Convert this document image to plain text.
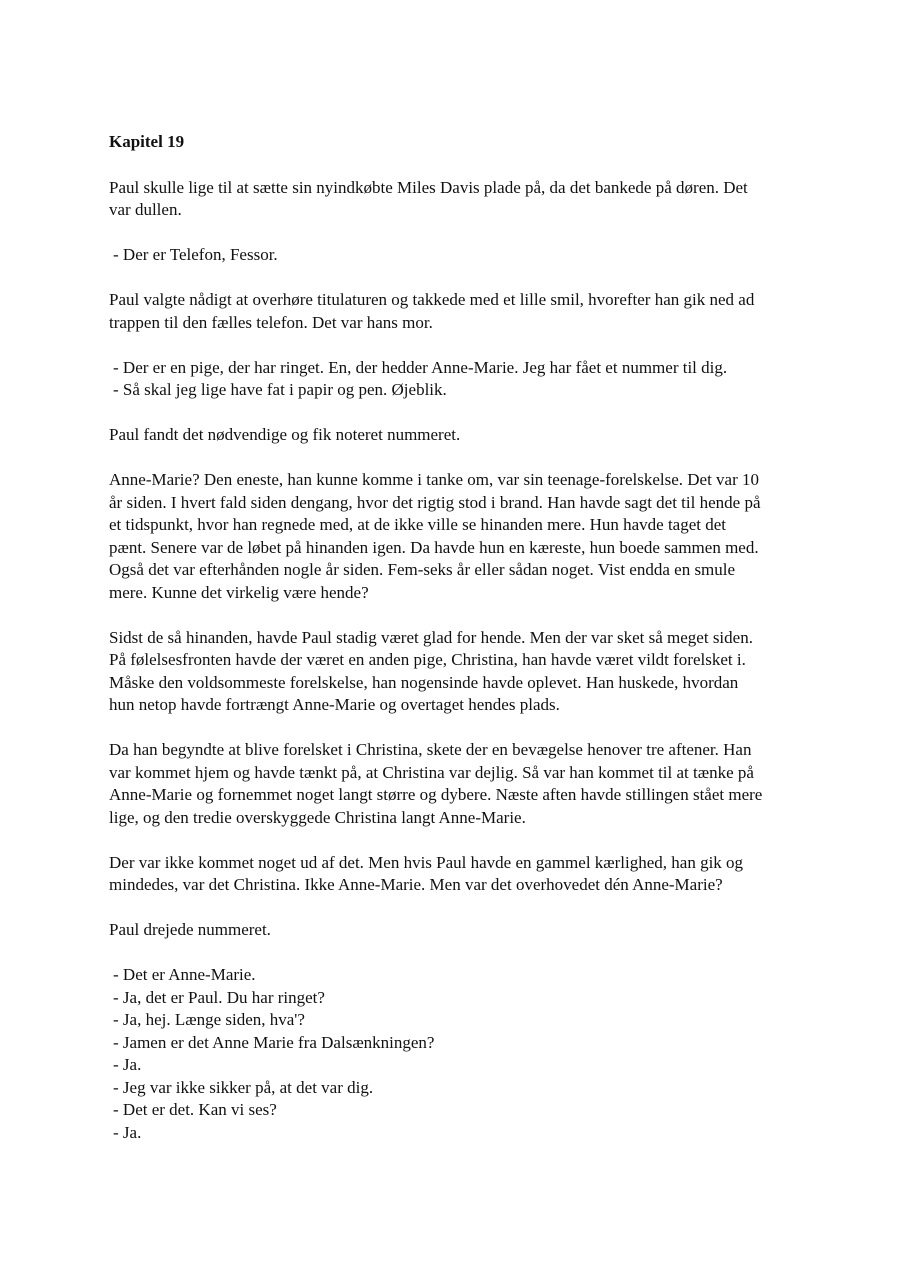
Kapitel 19

Paul skulle lige til at sætte sin nyindkøbte Miles Davis plade på, da det bankede på døren. Det
var dullen.

- Der er Telefon, Fessor.

Paul valgte nådigt at overhøre titulaturen og takkede med et lille smil, hvorefter han gik ned ad
trappen til den fælles telefon. Det var hans mor.

- Der er en pige, der har ringet. En, der hedder Anne-Marie. Jeg har fået et nummer til dig.
- Så skal jeg lige have fat i papir og pen. Øjeblik.

Paul fandt det nødvendige og fik noteret nummeret.

Anne-Marie? Den eneste, han kunne komme i tanke om, var sin teenage-forelskelse. Det var 10
år siden. I hvert fald siden dengang, hvor det rigtig stod i brand. Han havde sagt det til hende på
et tidspunkt, hvor han regnede med, at de ikke ville se hinanden mere. Hun havde taget det
pænt. Senere var de løbet på hinanden igen. Da havde hun en kæreste, hun boede sammen med.
Også det var efterhånden nogle år siden. Fem-seks år eller sådan noget. Vist endda en smule
mere. Kunne det virkelig være hende?

Sidst de så hinanden, havde Paul stadig været glad for hende. Men der var sket så meget siden.
På følelsesfronten havde der været en anden pige, Christina, han havde været vildt forelsket i.
Måske den voldsommeste forelskelse, han nogensinde havde oplevet. Han huskede, hvordan
hun netop havde fortrængt Anne-Marie og overtaget hendes plads.

Da han begyndte at blive forelsket i Christina, skete der en bevægelse henover tre aftener. Han
var kommet hjem og havde tænkt på, at Christina var dejlig. Så var han kommet til at tænke på
Anne-Marie og fornemmet noget langt større og dybere. Næste aften havde stillingen stået mere
lige, og den tredie overskyggede Christina langt Anne-Marie.

Der var ikke kommet noget ud af det. Men hvis Paul havde en gammel kærlighed, han gik og
mindedes, var det Christina. Ikke Anne-Marie. Men var det overhovedet dén Anne-Marie?

Paul drejede nummeret.

- Det er Anne-Marie.
- Ja, det er Paul. Du har ringet?
- Ja, hej. Længe siden, hva'?
- Jamen er det Anne Marie fra Dalsænkningen?
- Ja.
- Jeg var ikke sikker på, at det var dig.
- Det er det. Kan vi ses?
- Ja.
